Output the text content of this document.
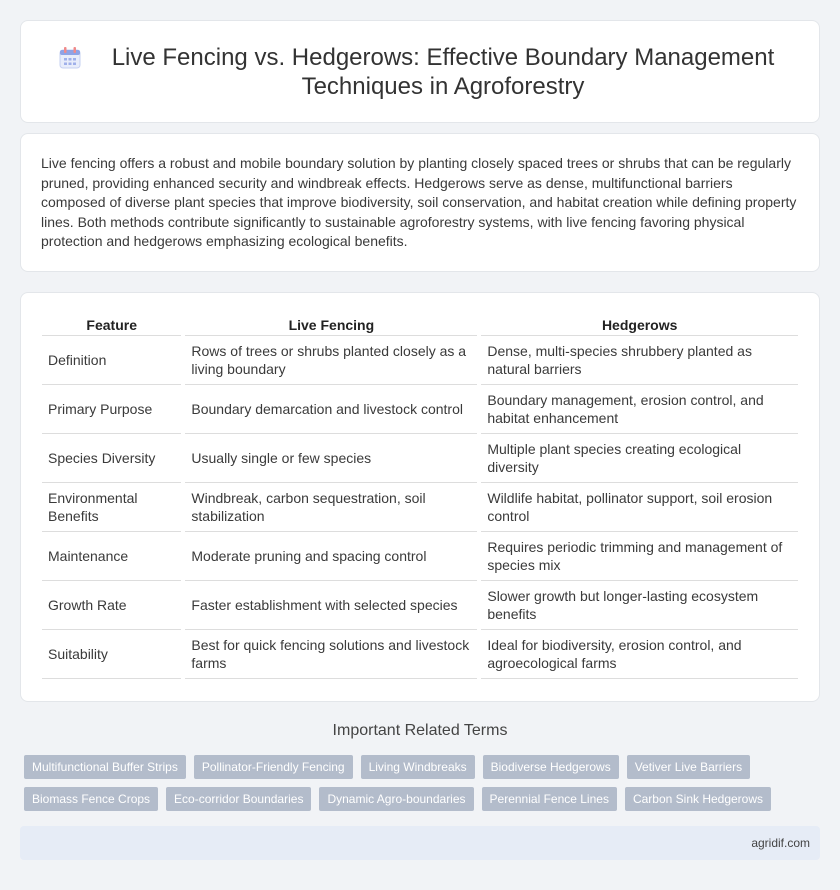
Live Fencing vs. Hedgerows: Effective Boundary Management Techniques in Agroforestry

Live fencing offers a robust and mobile boundary solution by planting closely spaced trees or shrubs that can be regularly pruned, providing enhanced security and windbreak effects. Hedgerows serve as dense, multifunctional barriers composed of diverse plant species that improve biodiversity, soil conservation, and habitat creation while defining property lines. Both methods contribute significantly to sustainable agroforestry systems, with live fencing favoring physical protection and hedgerows emphasizing ecological benefits.

Feature	Live Fencing	Hedgerows
Definition	Rows of trees or shrubs planted closely as a living boundary	Dense, multi-species shrubbery planted as natural barriers
Primary Purpose	Boundary demarcation and livestock control	Boundary management, erosion control, and habitat enhancement
Species Diversity	Usually single or few species	Multiple plant species creating ecological diversity
Environmental Benefits	Windbreak, carbon sequestration, soil stabilization	Wildlife habitat, pollinator support, soil erosion control
Maintenance	Moderate pruning and spacing control	Requires periodic trimming and management of species mix
Growth Rate	Faster establishment with selected species	Slower growth but longer-lasting ecosystem benefits
Suitability	Best for quick fencing solutions and livestock farms	Ideal for biodiversity, erosion control, and agroecological farms
Important Related Terms
Multifunctional Buffer Strips	Pollinator-Friendly Fencing	Living Windbreaks	Biodiverse Hedgerows	Vetiver Live Barriers
Biomass Fence Crops	Eco-corridor Boundaries	Dynamic Agro-boundaries	Perennial Fence Lines	Carbon Sink Hedgerows
agridif.com
